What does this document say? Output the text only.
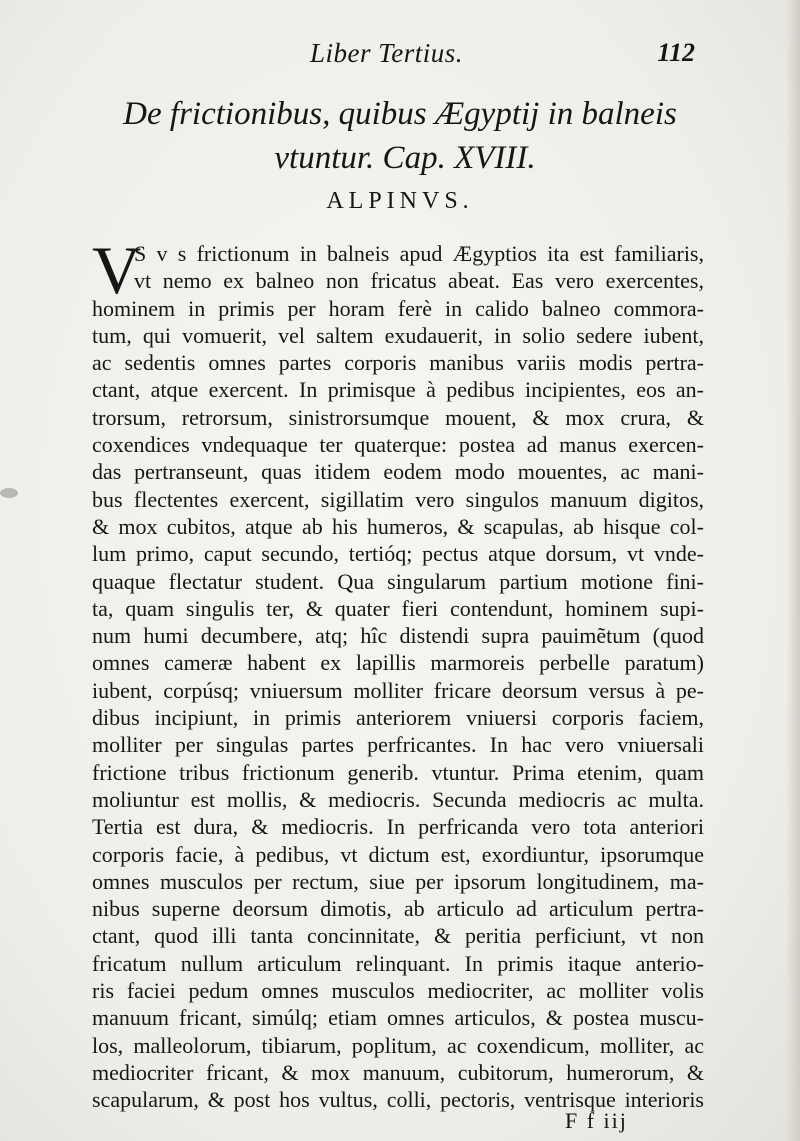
Liber Tertius.	112
De frictionibus, quibus Ægyptij in balneis
vtuntur. Cap. XVIII.
ALPINVS.
V
S v s frictionum in balneis apud Ægyptios ita est familiaris,
vt nemo ex balneo non fricatus abeat. Eas vero exercentes,
hominem in primis per horam ferè in calido balneo commora-
tum, qui vomuerit, vel saltem exudauerit, in solio sedere iubent,
ac sedentis omnes partes corporis manibus variis modis pertra-
ctant, atque exercent. In primisque à pedibus incipientes, eos an-
trorsum, retrorsum, sinistrorsumque mouent, & mox crura, &
coxendices vndequaque ter quaterque: postea ad manus exercen-
das pertranseunt, quas itidem eodem modo mouentes, ac mani-
bus flectentes exercent, sigillatim vero singulos manuum digitos,
& mox cubitos, atque ab his humeros, & scapulas, ab hisque col-
lum primo, caput secundo, tertióq; pectus atque dorsum, vt vnde-
quaque flectatur student. Qua singularum partium motione fini-
ta, quam singulis ter, & quater fieri contendunt, hominem supi-
num humi decumbere, atq; hîc distendi supra pauimẽtum (quod
omnes cameræ habent ex lapillis marmoreis perbelle paratum)
iubent, corpúsq; vniuersum molliter fricare deorsum versus à pe-
dibus incipiunt, in primis anteriorem vniuersi corporis faciem,
molliter per singulas partes perfricantes. In hac vero vniuersali
frictione tribus frictionum generib. vtuntur. Prima etenim, quam
moliuntur est mollis, & mediocris. Secunda mediocris ac multa.
Tertia est dura, & mediocris. In perfricanda vero tota anteriori
corporis facie, à pedibus, vt dictum est, exordiuntur, ipsorumque
omnes musculos per rectum, siue per ipsorum longitudinem, ma-
nibus superne deorsum dimotis, ab articulo ad articulum pertra-
ctant, quod illi tanta concinnitate, & peritia perficiunt, vt non
fricatum nullum articulum relinquant. In primis itaque anterio-
ris faciei pedum omnes musculos mediocriter, ac molliter volis
manuum fricant, simúlq; etiam omnes articulos, & postea muscu-
los, malleolorum, tibiarum, poplitum, ac coxendicum, molliter, ac
mediocriter fricant, & mox manuum, cubitorum, humerorum, &
scapularum, & post hos vultus, colli, pectoris, ventrisque interioris
F f iij
